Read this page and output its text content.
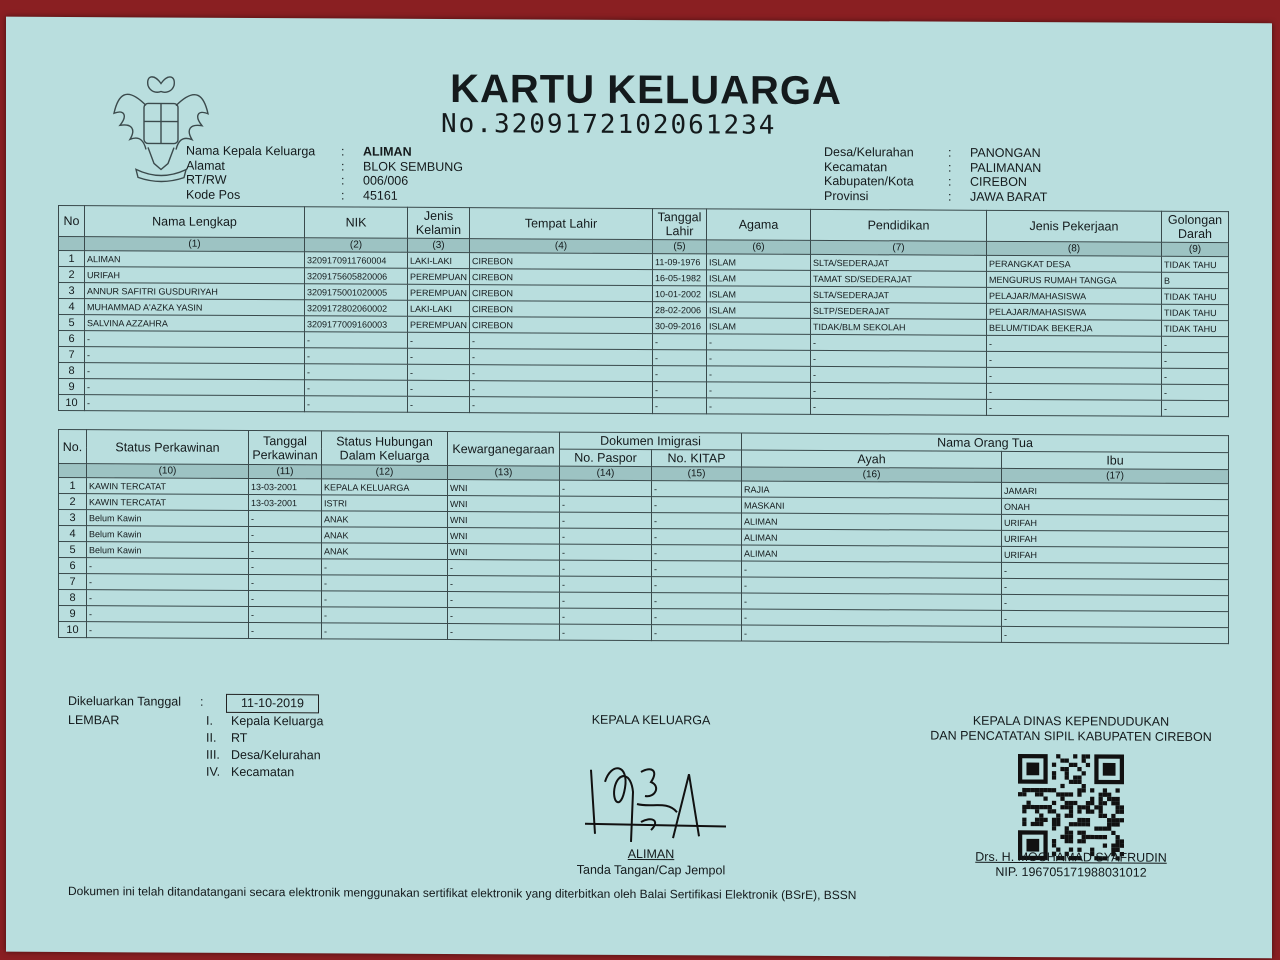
KARTU KELUARGA
No.3209172102061234
Nama Kepala Keluarga	:	ALIMAN
Alamat	:	BLOK SEMBUNG
RT/RW	:	006/006
Kode Pos	:	45161
Desa/Kelurahan	:	PANONGAN
Kecamatan	:	PALIMANAN
Kabupaten/Kota	:	CIREBON
Provinsi	:	JAWA BARAT
No	Nama Lengkap	NIK	Jenis Kelamin	Tempat Lahir	Tanggal Lahir	Agama	Pendidikan	Jenis Pekerjaan	Golongan Darah
	(1)	(2)	(3)	(4)	(5)	(6)	(7)	(8)	(9)
1	ALIMAN	3209170911760004	LAKI-LAKI	CIREBON	11-09-1976	ISLAM	SLTA/SEDERAJAT	PERANGKAT DESA	TIDAK TAHU
2	URIFAH	3209175605820006	PEREMPUAN	CIREBON	16-05-1982	ISLAM	TAMAT SD/SEDERAJAT	MENGURUS RUMAH TANGGA	B
3	ANNUR SAFITRI GUSDURIYAH	3209175001020005	PEREMPUAN	CIREBON	10-01-2002	ISLAM	SLTA/SEDERAJAT	PELAJAR/MAHASISWA	TIDAK TAHU
4	MUHAMMAD A'AZKA YASIN	3209172802060002	LAKI-LAKI	CIREBON	28-02-2006	ISLAM	SLTP/SEDERAJAT	PELAJAR/MAHASISWA	TIDAK TAHU
5	SALVINA AZZAHRA	3209177009160003	PEREMPUAN	CIREBON	30-09-2016	ISLAM	TIDAK/BLM SEKOLAH	BELUM/TIDAK BEKERJA	TIDAK TAHU
6	-	-	-	-	-	-	-	-	-
7	-	-	-	-	-	-	-	-	-
8	-	-	-	-	-	-	-	-	-
9	-	-	-	-	-	-	-	-	-
10	-	-	-	-	-	-	-	-	-
No.	Status Perkawinan	Tanggal Perkawinan	Status Hubungan Dalam Keluarga	Kewarganegaraan	Dokumen Imigrasi		Nama Orang Tua	
					No. Paspor	No. KITAP	Ayah	Ibu
	(10)	(11)	(12)	(13)	(14)	(15)	(16)	(17)
1	KAWIN TERCATAT	13-03-2001	KEPALA KELUARGA	WNI	-	-	RAJIA	JAMARI
2	KAWIN TERCATAT	13-03-2001	ISTRI	WNI	-	-	MASKANI	ONAH
3	Belum Kawin	-	ANAK	WNI	-	-	ALIMAN	URIFAH
4	Belum Kawin	-	ANAK	WNI	-	-	ALIMAN	URIFAH
5	Belum Kawin	-	ANAK	WNI	-	-	ALIMAN	URIFAH
6	-	-	-	-	-	-	-	-
7	-	-	-	-	-	-	-	-
8	-	-	-	-	-	-	-	-
9	-	-	-	-	-	-	-	-
10	-	-	-	-	-	-	-	-
Dikeluarkan Tanggal	:	11-10-2019
LEMBAR	I. Kepala Keluarga
II. RT
III. Desa/Kelurahan
IV. Kecamatan
KEPALA KELUARGA
ALIMAN
Tanda Tangan/Cap Jempol
KEPALA DINAS KEPENDUDUKAN
DAN PENCATATAN SIPIL KABUPATEN CIREBON
Drs. H. MOCHAMAD SYAFRUDIN
NIP. 196705171988031012
Dokumen ini telah ditandatangani secara elektronik menggunakan sertifikat elektronik yang diterbitkan oleh Balai Sertifikasi Elektronik (BSrE), BSSN
